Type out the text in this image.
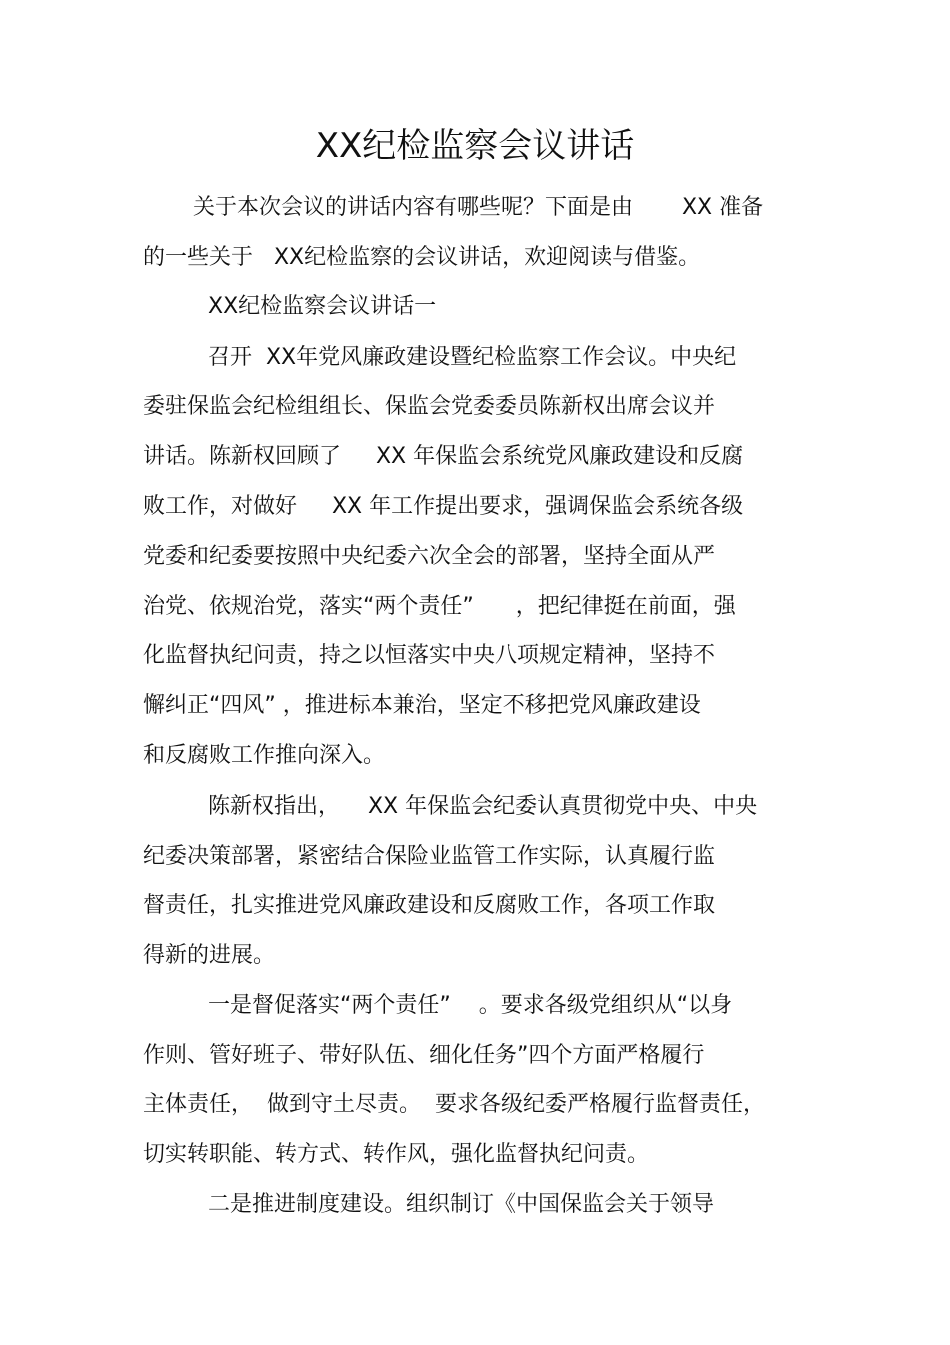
XX纪检监察会议讲话
关于本次会议的讲话内容有哪些呢？下面是由       XX 准备
的一些关于   XX纪检监察的会议讲话，欢迎阅读与借鉴。
XX纪检监察会议讲话一
召开  XX年党风廉政建设暨纪检监察工作会议。中央纪
委驻保监会纪检组组长、保监会党委委员陈新权出席会议并
讲话。陈新权回顾了     XX 年保监会系统党风廉政建设和反腐
败工作，对做好     XX 年工作提出要求，强调保监会系统各级
党委和纪委要按照中央纪委六次全会的部署，坚持全面从严
治党、依规治党，落实“两个责任”      ，把纪律挺在前面，强
化监督执纪问责，持之以恒落实中央八项规定精神，坚持不
懈纠正“四风” ，推进标本兼治，坚定不移把党风廉政建设
和反腐败工作推向深入。
陈新权指出，    XX 年保监会纪委认真贯彻党中央、中央
纪委决策部署，紧密结合保险业监管工作实际，认真履行监
督责任，扎实推进党风廉政建设和反腐败工作，各项工作取
得新的进展。
一是督促落实“两个责任”    。要求各级党组织从“以身
作则、管好班子、带好队伍、细化任务”四个方面严格履行
主体责任，  做到守土尽责。  要求各级纪委严格履行监督责任，
切实转职能、转方式、转作风，强化监督执纪问责。
二是推进制度建设。组织制订《中国保监会关于领导
